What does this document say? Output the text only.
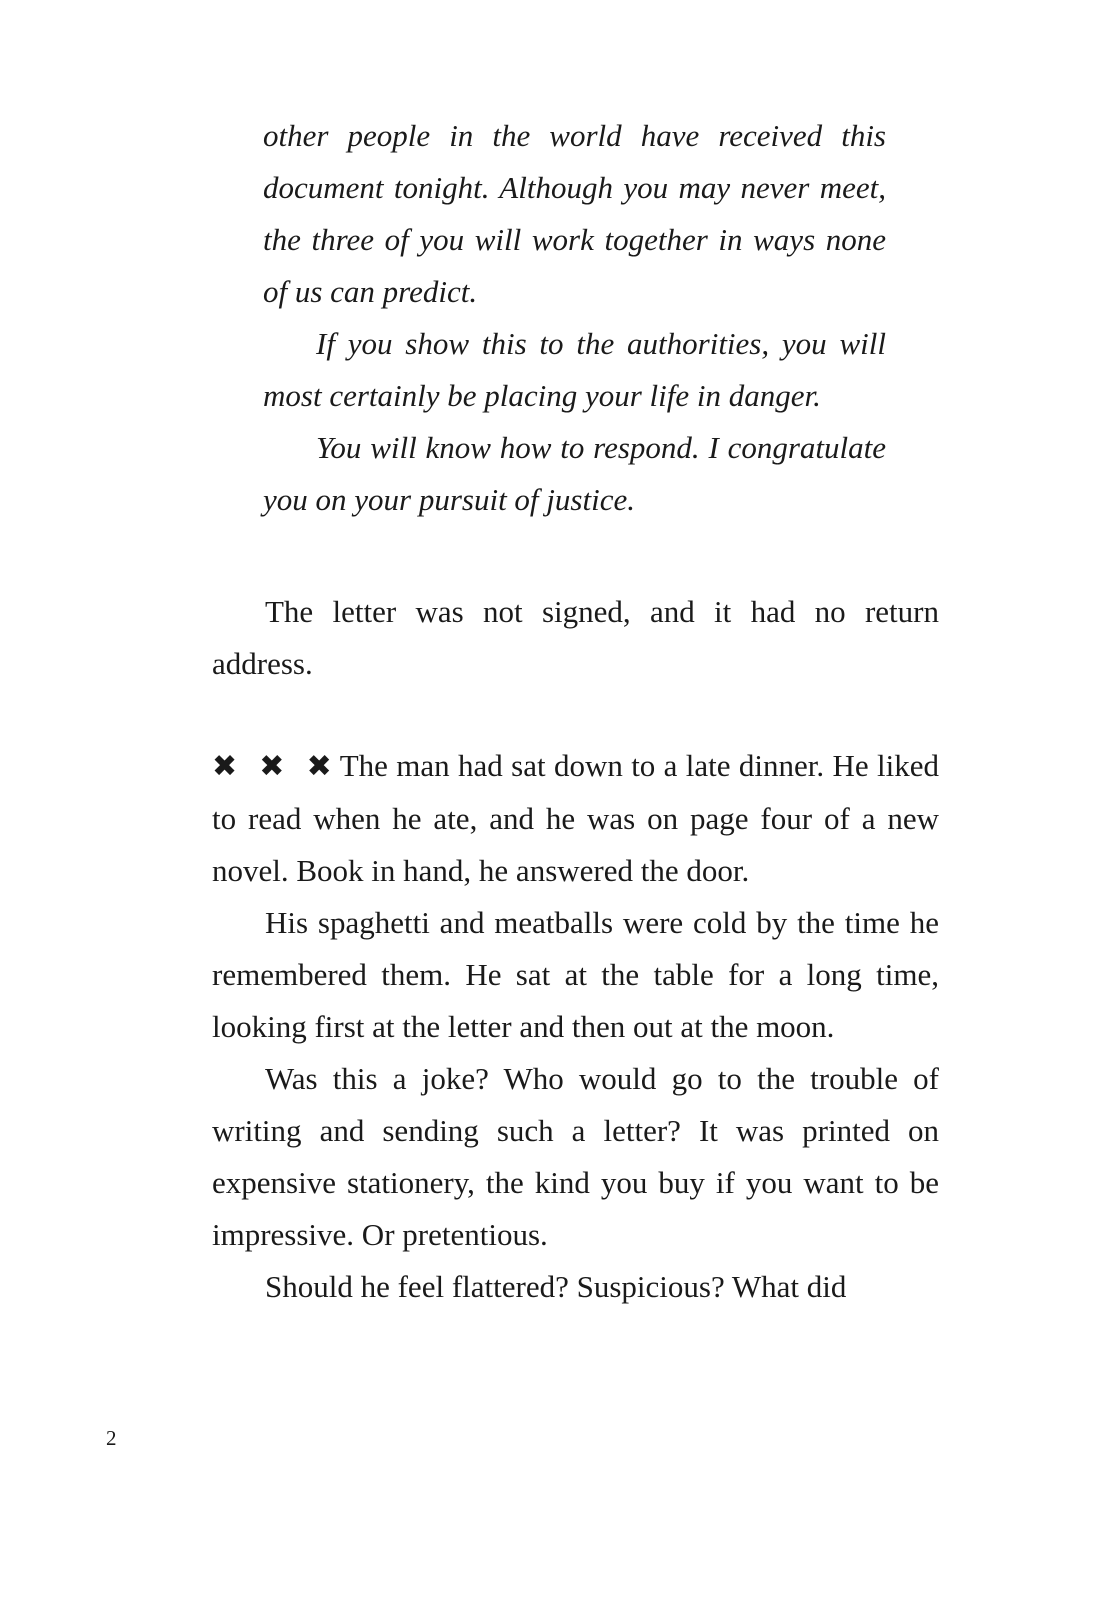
other people in the world have received this document tonight. Although you may never meet, the three of you will work together in ways none of us can predict.

If you show this to the authorities, you will most certainly be placing your life in danger.

You will know how to respond. I congratulate you on your pursuit of justice.

The letter was not signed, and it had no return address.

✖ ✖ ✖The man had sat down to a late dinner. He liked to read when he ate, and he was on page four of a new novel. Book in hand, he answered the door.

His spaghetti and meatballs were cold by the time he remembered them. He sat at the table for a long time, looking first at the letter and then out at the moon.

Was this a joke? Who would go to the trouble of writing and sending such a letter? It was printed on expensive stationery, the kind you buy if you want to be impressive. Or pretentious.

Should he feel flattered? Suspicious? What did

2
